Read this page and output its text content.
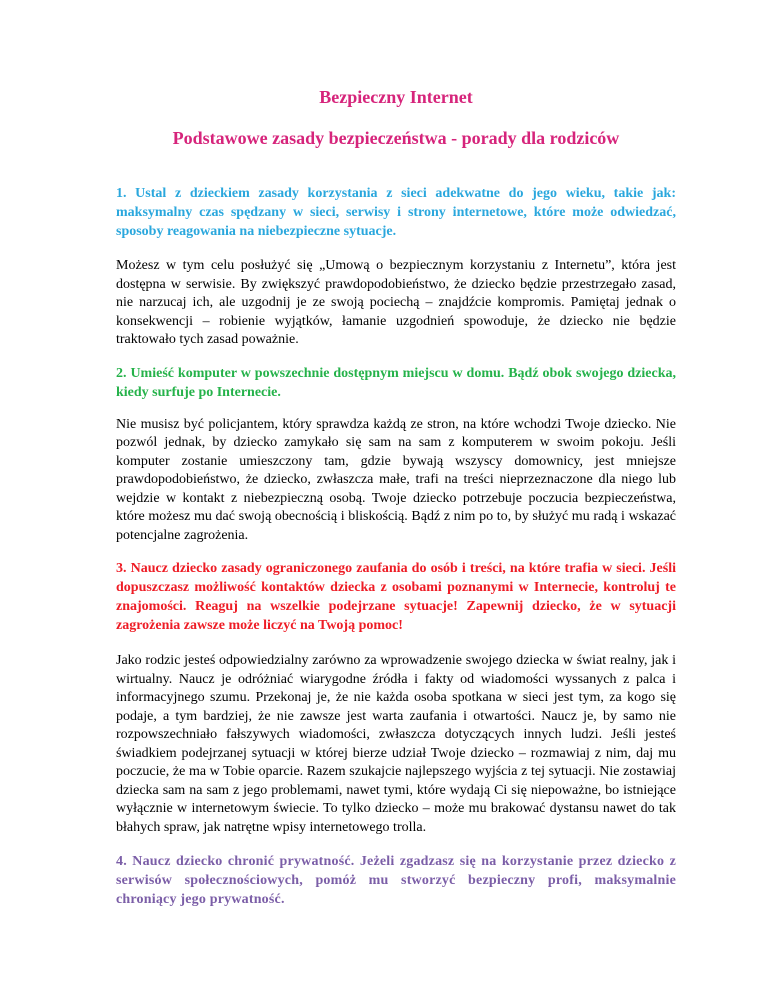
Bezpieczny Internet
Podstawowe zasady bezpieczeństwa - porady dla rodziców

1. Ustal z dzieckiem zasady korzystania z sieci adekwatne do jego wieku, takie jak: maksymalny czas spędzany w sieci, serwisy i strony internetowe, które może odwiedzać, sposoby reagowania na niebezpieczne sytuacje.

Możesz w tym celu posłużyć się „Umową o bezpiecznym korzystaniu z Internetu”, która jest dostępna w serwisie. By zwiększyć prawdopodobieństwo, że dziecko będzie przestrzegało zasad, nie narzucaj ich, ale uzgodnij je ze swoją pociechą – znajdźcie kompromis. Pamiętaj jednak o konsekwencji – robienie wyjątków, łamanie uzgodnień spowoduje, że dziecko nie będzie traktowało tych zasad poważnie.

2. Umieść komputer w powszechnie dostępnym miejscu w domu. Bądź obok swojego dziecka, kiedy surfuje po Internecie.

Nie musisz być policjantem, który sprawdza każdą ze stron, na które wchodzi Twoje dziecko. Nie pozwól jednak, by dziecko zamykało się sam na sam z komputerem w swoim pokoju. Jeśli komputer zostanie umieszczony tam, gdzie bywają wszyscy domownicy, jest mniejsze prawdopodobieństwo, że dziecko, zwłaszcza małe, trafi na treści nieprzeznaczone dla niego lub wejdzie w kontakt z niebezpieczną osobą. Twoje dziecko potrzebuje poczucia bezpieczeństwa, które możesz mu dać swoją obecnością i bliskością. Bądź z nim po to, by służyć mu radą i wskazać potencjalne zagrożenia.

3. Naucz dziecko zasady ograniczonego zaufania do osób i treści, na które trafia w sieci. Jeśli dopuszczasz możliwość kontaktów dziecka z osobami poznanymi w Internecie, kontroluj te znajomości. Reaguj na wszelkie podejrzane sytuacje! Zapewnij dziecko, że w sytuacji zagrożenia zawsze może liczyć na Twoją pomoc!

Jako rodzic jesteś odpowiedzialny zarówno za wprowadzenie swojego dziecka w świat realny, jak i wirtualny. Naucz je odróżniać wiarygodne źródła i fakty od wiadomości wyssanych z palca i informacyjnego szumu. Przekonaj je, że nie każda osoba spotkana w sieci jest tym, za kogo się podaje, a tym bardziej, że nie zawsze jest warta zaufania i otwartości. Naucz je, by samo nie rozpowszechniało fałszywych wiadomości, zwłaszcza dotyczących innych ludzi. Jeśli jesteś świadkiem podejrzanej sytuacji w której bierze udział Twoje dziecko – rozmawiaj z nim, daj mu poczucie, że ma w Tobie oparcie. Razem szukajcie najlepszego wyjścia z tej sytuacji. Nie zostawiaj dziecka sam na sam z jego problemami, nawet tymi, które wydają Ci się niepoważne, bo istniejące wyłącznie w internetowym świecie. To tylko dziecko – może mu brakować dystansu nawet do tak błahych spraw, jak natrętne wpisy internetowego trolla.

4. Naucz dziecko chronić prywatność. Jeżeli zgadzasz się na korzystanie przez dziecko z serwisów społecznościowych, pomóż mu stworzyć bezpieczny profi, maksymalnie chroniący jego prywatność.
